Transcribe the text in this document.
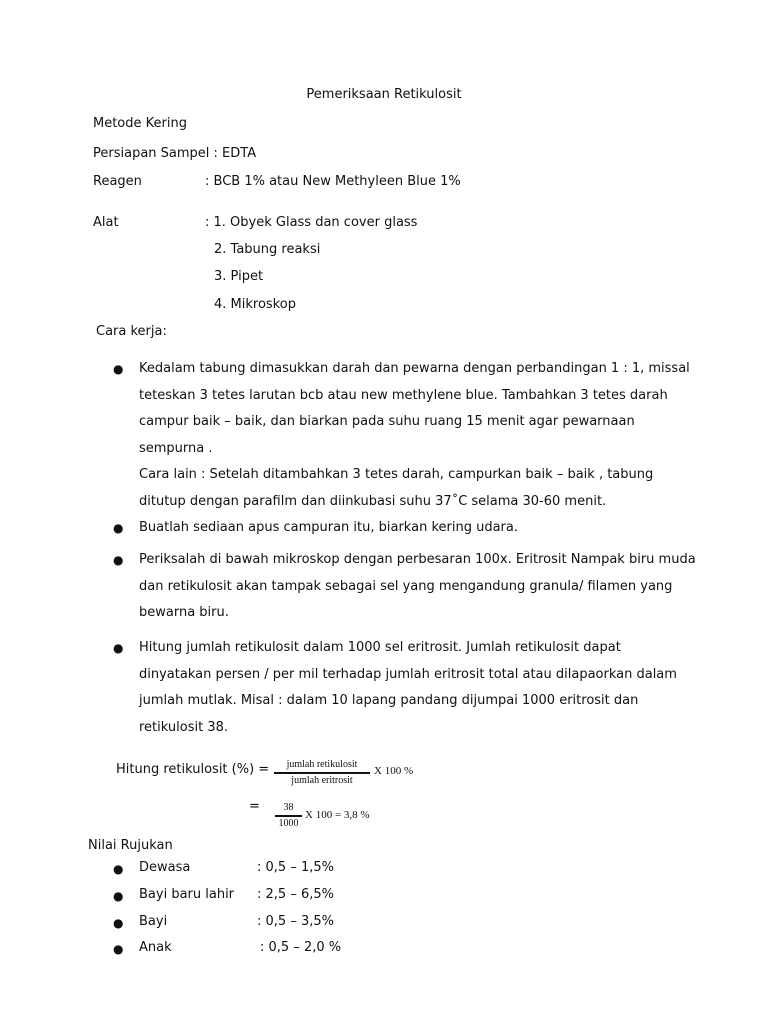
Pemeriksaan Retikulosit
Metode Kering
Persiapan Sampel : EDTA
Reagen	: BCB 1% atau New Methyleen Blue 1%
Alat	: 1. Obyek Glass dan cover glass
2. Tabung reaksi
3. Pipet
4. Mikroskop
Cara kerja:
● Kedalam tabung dimasukkan darah dan pewarna dengan perbandingan 1 : 1, missal
teteskan 3 tetes larutan bcb atau new methylene blue. Tambahkan 3 tetes darah
campur baik – baik, dan biarkan pada suhu ruang 15 menit agar pewarnaan
sempurna .
Cara lain : Setelah ditambahkan 3 tetes darah, campurkan baik – baik , tabung
ditutup dengan parafilm dan diinkubasi suhu 37˚C selama 30-60 menit.
● Buatlah sediaan apus campuran itu, biarkan kering udara.
● Periksalah di bawah mikroskop dengan perbesaran 100x. Eritrosit Nampak biru muda
dan retikulosit akan tampak sebagai sel yang mengandung granula/ filamen yang
bewarna biru.
● Hitung jumlah retikulosit dalam 1000 sel eritrosit. Jumlah retikulosit dapat
dinyatakan persen / per mil terhadap jumlah eritrosit total atau dilapaorkan dalam
jumlah mutlak. Misal : dalam 10 lapang pandang dijumpai 1000 eritrosit dan
retikulosit 38.
Hitung retikulosit (%) =	jumlah retikulosit
jumlah eritrosit
X 100 %
=	38
1000
X 100 = 3,8 %
Nilai Rujukan
● Dewasa	: 0,5 – 1,5%
● Bayi baru lahir : 2,5 – 6,5%
● Bayi	: 0,5 – 3,5%
● Anak	: 0,5 – 2,0 %
